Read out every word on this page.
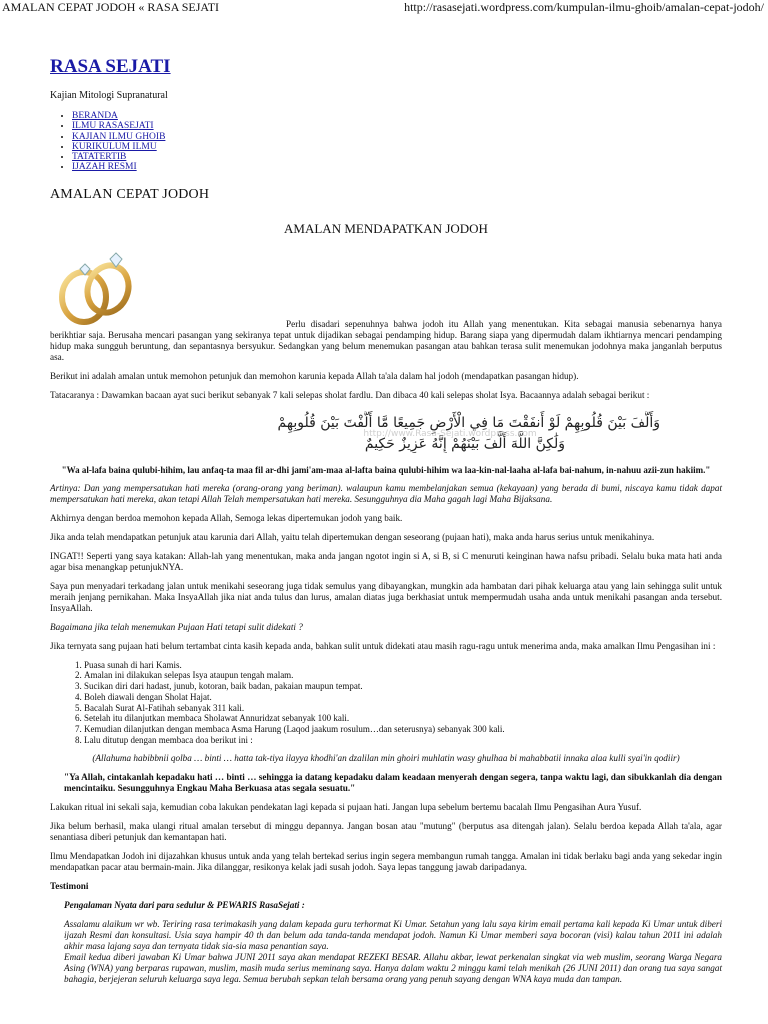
AMALAN CEPAT JODOH « RASA SEJATI	http://rasasejati.wordpress.com/kumpulan-ilmu-ghoib/amalan-cepat-jodoh/
RASA SEJATI
Kajian Mitologi Supranatural
• BERANDA
• ILMU RASASEJATI
• KAJIAN ILMU GHOIB
• KURIKULUM ILMU
• TATATERTIB
• IJAZAH RESMI
AMALAN CEPAT JODOH
AMALAN MENDAPATKAN JODOH

Perlu disadari sepenuhnya bahwa jodoh itu Allah yang menentukan. Kita sebagai manusia sebenarnya hanya berikhtiar saja. Berusaha mencari pasangan yang sekiranya tepat untuk dijadikan sebagai pendamping hidup. Barang siapa yang dipermudah dalam ikhtiarnya mencari pendamping hidup maka sungguh beruntung, dan sepantasnya bersyukur. Sedangkan yang belum menemukan pasangan atau bahkan terasa sulit menemukan jodohnya maka janganlah berputus asa.

Berikut ini adalah amalan untuk memohon petunjuk dan memohon karunia kepada Allah ta'ala dalam hal jodoh (mendapatkan pasangan hidup).

Tatacaranya : Dawamkan bacaan ayat suci berikut sebanyak 7 kali selepas sholat fardlu. Dan dibaca 40 kali selepas sholat Isya. Bacaannya adalah sebagai berikut :

وَأَلَّفَ بَيْنَ قُلُوبِهِمْ لَوْ أَنفَقْتَ مَا فِي الْأَرْضِ جَمِيعًا مَّا أَلَّفْتَ بَيْنَ قُلُوبِهِمْ
وَلَٰكِنَّ اللَّهَ أَلَّفَ بَيْنَهُمْ إِنَّهُ عَزِيزٌ حَكِيمٌ
http://www.Rasa-Sejati.wordpress.com
"Wa al-lafa baina qulubi-hihim, lau anfaq-ta maa fil ar-dhi jami'am-maa al-lafta baina qulubi-hihim wa laa-kin-nal-laaha al-lafa bai-nahum, in-nahuu azii-zun hakiim."

Artinya: Dan yang mempersatukan hati mereka (orang-orang yang beriman). walaupun kamu membelanjakan semua (kekayaan) yang berada di bumi, niscaya kamu tidak dapat mempersatukan hati mereka, akan tetapi Allah Telah mempersatukan hati mereka. Sesungguhnya dia Maha gagah lagi Maha Bijaksana.

Akhirnya dengan berdoa memohon kepada Allah, Semoga lekas dipertemukan jodoh yang baik.

Jika anda telah mendapatkan petunjuk atau karunia dari Allah, yaitu telah dipertemukan dengan seseorang (pujaan hati), maka anda harus serius untuk menikahinya.

INGAT!! Seperti yang saya katakan: Allah-lah yang menentukan, maka anda jangan ngotot ingin si A, si B, si C menuruti keinginan hawa nafsu pribadi. Selalu buka mata hati anda agar bisa menangkap petunjukNYA.

Saya pun menyadari terkadang jalan untuk menikahi seseorang juga tidak semulus yang dibayangkan, mungkin ada hambatan dari pihak keluarga atau yang lain sehingga sulit untuk meraih jenjang pernikahan. Maka InsyaAllah jika niat anda tulus dan lurus, amalan diatas juga berkhasiat untuk mempermudah usaha anda untuk menikahi pasangan anda tersebut. InsyaAllah.

Bagaimana jika telah menemukan Pujaan Hati tetapi sulit didekati ?

Jika ternyata sang pujaan hati belum tertambat cinta kasih kepada anda, bahkan sulit untuk didekati atau masih ragu-ragu untuk menerima anda, maka amalkan Ilmu Pengasihan ini :

1. Puasa sunah di hari Kamis.
2. Amalan ini dilakukan selepas Isya ataupun tengah malam.
3. Sucikan diri dari hadast, junub, kotoran, baik badan, pakaian maupun tempat.
4. Boleh diawali dengan Sholat Hajat.
5. Bacalah Surat Al-Fatihah sebanyak 311 kali.
6. Setelah itu dilanjutkan membaca Sholawat Annuridzat sebanyak 100 kali.
7. Kemudian dilanjutkan dengan membaca Asma Harung (Laqod jaakum rosulum…dan seterusnya) sebanyak 300 kali.
8. Lalu ditutup dengan membaca doa berikut ini :

(Allahuma habibbnii qolba … binti … hatta tak-tiya ilayya khodhi'an dzalilan min ghoiri muhlatin wasy ghulhaa bi mahabbatii innaka alaa kulli syai'in qodiir)

"Ya Allah, cintakanlah kepadaku hati … binti … sehingga ia datang kepadaku dalam keadaan menyerah dengan segera, tanpa waktu lagi, dan sibukkanlah dia dengan mencintaiku. Sesungguhnya Engkau Maha Berkuasa atas segala sesuatu."

Lakukan ritual ini sekali saja, kemudian coba lakukan pendekatan lagi kepada si pujaan hati. Jangan lupa sebelum bertemu bacalah Ilmu Pengasihan Aura Yusuf.

Jika belum berhasil, maka ulangi ritual amalan tersebut di minggu depannya. Jangan bosan atau "mutung" (berputus asa ditengah jalan). Selalu berdoa kepada Allah ta'ala, agar senantiasa diberi petunjuk dan kemantapan hati.

Ilmu Mendapatkan Jodoh ini dijazahkan khusus untuk anda yang telah bertekad serius ingin segera membangun rumah tangga. Amalan ini tidak berlaku bagi anda yang sekedar ingin mendapatkan pacar atau bermain-main. Jika dilanggar, resikonya kelak jadi susah jodoh. Saya lepas tanggung jawab daripadanya.

Testimoni

Pengalaman Nyata dari para sedulur & PEWARIS RasaSejati :

Assalamu alaikum wr wb. Teriring rasa terimakasih yang dalam kepada guru terhormat Ki Umar. Setahun yang lalu saya kirim email pertama kali kepada Ki Umar untuk diberi ijazah Resmi dan konsultasi. Usia saya hampir 40 th dan belum ada tanda-tanda mendapat jodoh. Namun Ki Umar memberi saya bocoran (visi) kalau tahun 2011 ini adalah akhir masa lajang saya dan ternyata tidak sia-sia masa penantian saya.

Email kedua diberi jawaban Ki Umar bahwa JUNI 2011 saya akan mendapat REZEKI BESAR. Allahu akbar, lewat perkenalan singkat via web muslim, seorang Warga Negara Asing (WNA) yang berparas rupawan, muslim, masih muda serius meminang saya. Hanya dalam waktu 2 minggu kami telah menikah (26 JUNI 2011) dan orang tua saya sangat bahagia, berjejeran seluruh keluarga saya lega. Semua berubah sepkan telah bersama orang yang penuh sayang dengan WNA kaya muda dan tampan.
